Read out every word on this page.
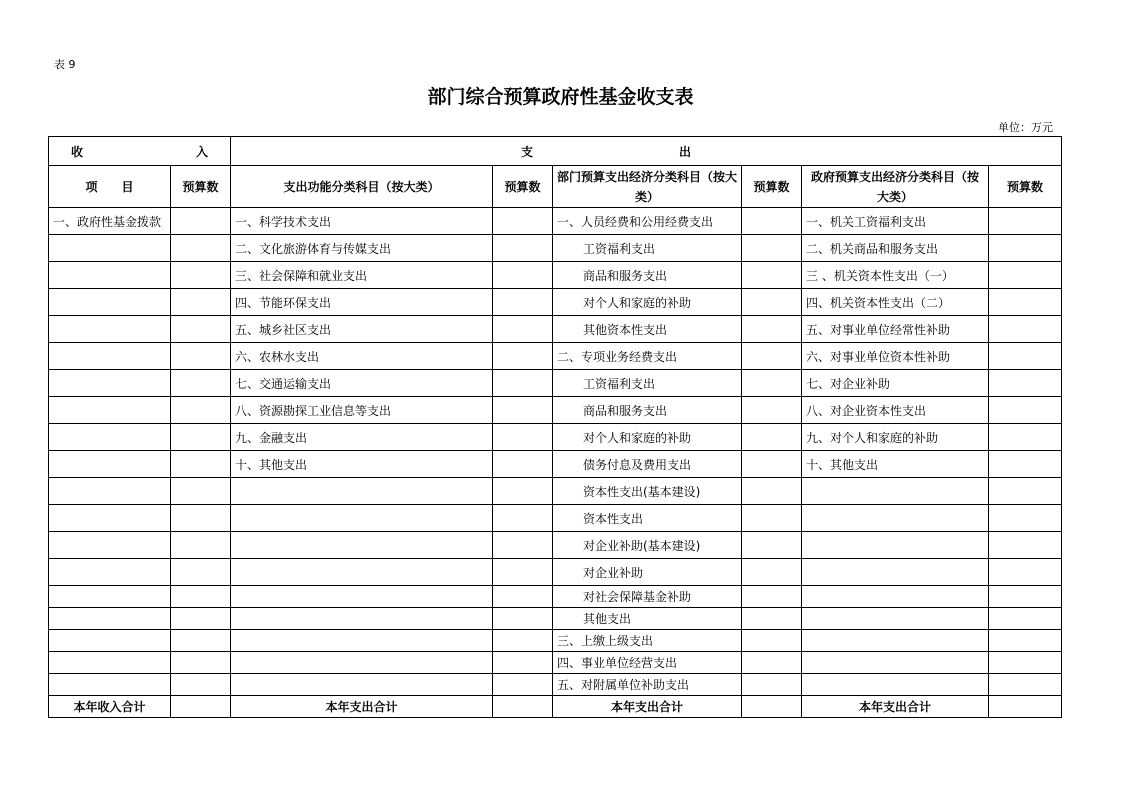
表 9
部门综合预算政府性基金收支表
单位：万元
收 入		支 出					
项　　目	预算数	支出功能分类科目（按大类）	预算数	部门预算支出经济分类科目（按大类）	预算数	政府预算支出经济分类科目（按大类）	预算数
一、政府性基金拨款		一、科学技术支出		一、人员经费和公用经费支出		一、机关工资福利支出	
		二、文化旅游体育与传媒支出		工资福利支出		二、机关商品和服务支出	
		三、社会保障和就业支出		商品和服务支出		三 、机关资本性支出（一）	
		四、节能环保支出		对个人和家庭的补助		四、机关资本性支出（二）	
		五、城乡社区支出		其他资本性支出		五、对事业单位经常性补助	
		六、农林水支出		二、专项业务经费支出		六、对事业单位资本性补助	
		七、交通运输支出		工资福利支出		七、对企业补助	
		八、资源勘探工业信息等支出		商品和服务支出		八、对企业资本性支出	
		九、金融支出		对个人和家庭的补助		九、对个人和家庭的补助	
		十、其他支出		债务付息及费用支出		十、其他支出	
				资本性支出(基本建设)			
				资本性支出			
				对企业补助(基本建设)			
				对企业补助			
				对社会保障基金补助			
				其他支出			
				三、上缴上级支出			
				四、事业单位经营支出			
				五、对附属单位补助支出			
本年收入合计		本年支出合计		本年支出合计		本年支出合计	
